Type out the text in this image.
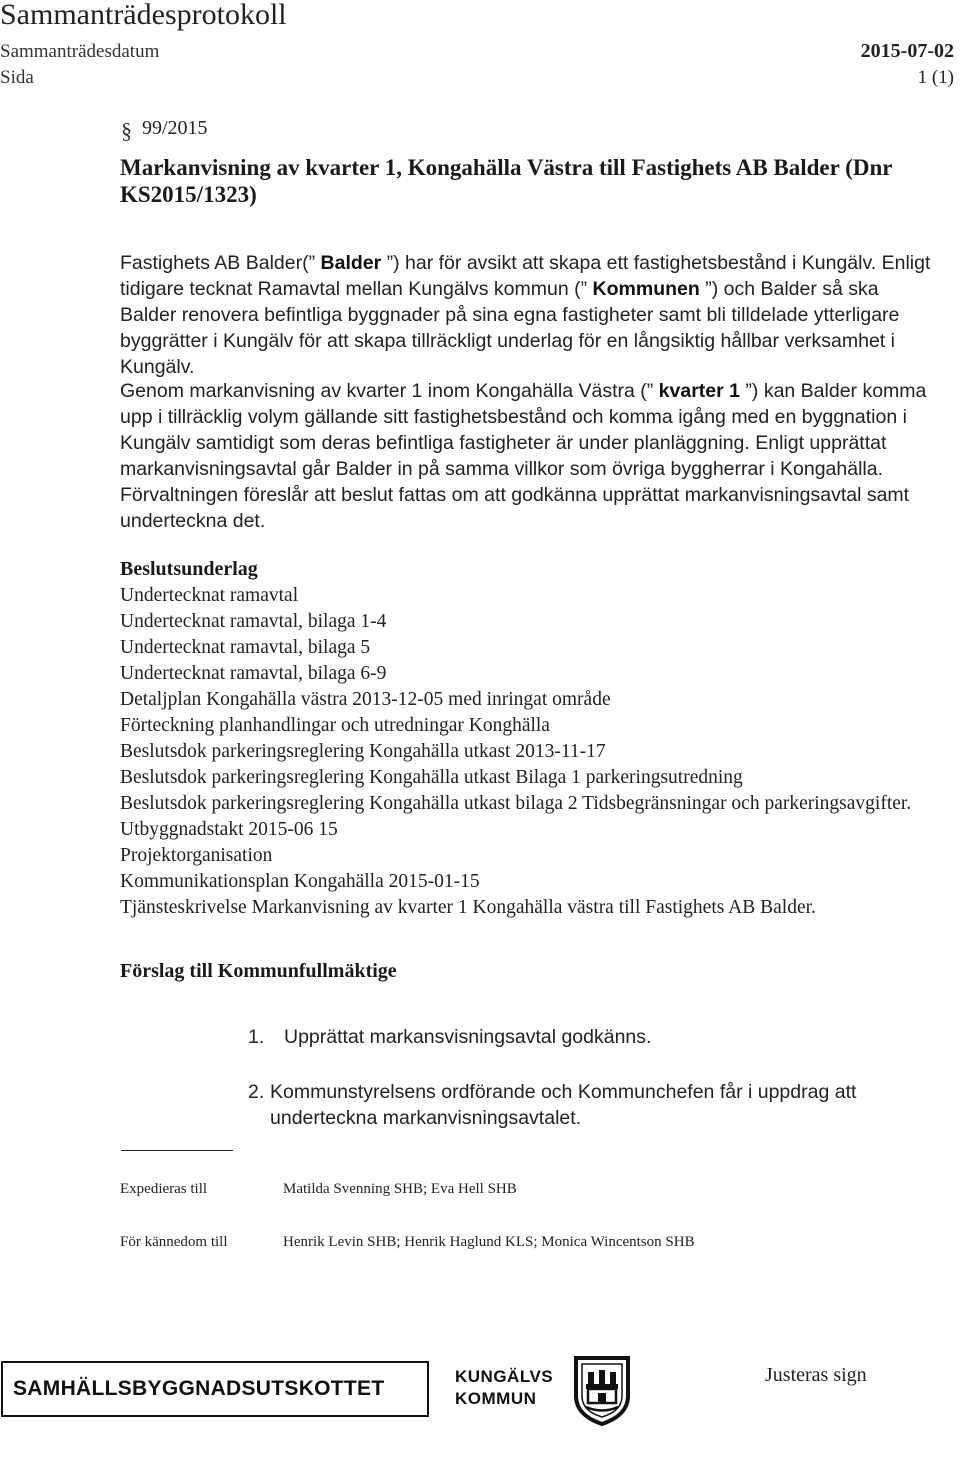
Sammanträdesprotokoll
Sammanträdesdatum	2015-07-02
Sida	1 (1)
§ 99/2015
Markanvisning av kvarter 1, Kongahälla Västra till Fastighets AB Balder (Dnr KS2015/1323)
Fastighets AB Balder(” Balder ”) har för avsikt att skapa ett fastighetsbestånd i Kungälv. Enligt tidigare tecknat Ramavtal mellan Kungälvs kommun (” Kommunen ”) och Balder så ska Balder renovera befintliga byggnader på sina egna fastigheter samt bli tilldelade ytterligare byggrätter i Kungälv för att skapa tillräckligt underlag för en långsiktig hållbar verksamhet i Kungälv.
Genom markanvisning av kvarter 1 inom Kongahälla Västra (” kvarter 1 ”) kan Balder komma upp i tillräcklig volym gällande sitt fastighetsbestånd och komma igång med en byggnation i Kungälv samtidigt som deras befintliga fastigheter är under planläggning. Enligt upprättat markanvisningsavtal går Balder in på samma villkor som övriga byggherrar i Kongahälla. Förvaltningen föreslår att beslut fattas om att godkänna upprättat markanvisningsavtal samt underteckna det.
Beslutsunderlag
Undertecknat ramavtal
Undertecknat ramavtal, bilaga 1-4
Undertecknat ramavtal, bilaga 5
Undertecknat ramavtal, bilaga 6-9
Detaljplan Kongahälla västra 2013-12-05 med inringat område
Förteckning planhandlingar och utredningar Konghälla
Beslutsdok parkeringsreglering Kongahälla utkast 2013-11-17
Beslutsdok parkeringsreglering Kongahälla utkast Bilaga 1 parkeringsutredning
Beslutsdok parkeringsreglering Kongahälla utkast bilaga 2 Tidsbegränsningar och parkeringsavgifter.
Utbyggnadstakt 2015-06 15
Projektorganisation
Kommunikationsplan Kongahälla 2015-01-15
Tjänsteskrivelse Markanvisning av kvarter 1 Kongahälla västra till Fastighets AB Balder.
Förslag till Kommunfullmäktige
1.	Upprättat markansvisningsavtal godkänns.
2. Kommunstyrelsens ordförande och Kommunchefen får i uppdrag att underteckna markanvisningsavtalet.
Expedieras till	Matilda Svenning SHB; Eva Hell SHB
För kännedom till	Henrik Levin SHB; Henrik Haglund KLS; Monica Wincentson SHB
SAMHÄLLSBYGGNADSUTSKOTTET
KUNGÄLVS
KOMMUN
Justeras sign
